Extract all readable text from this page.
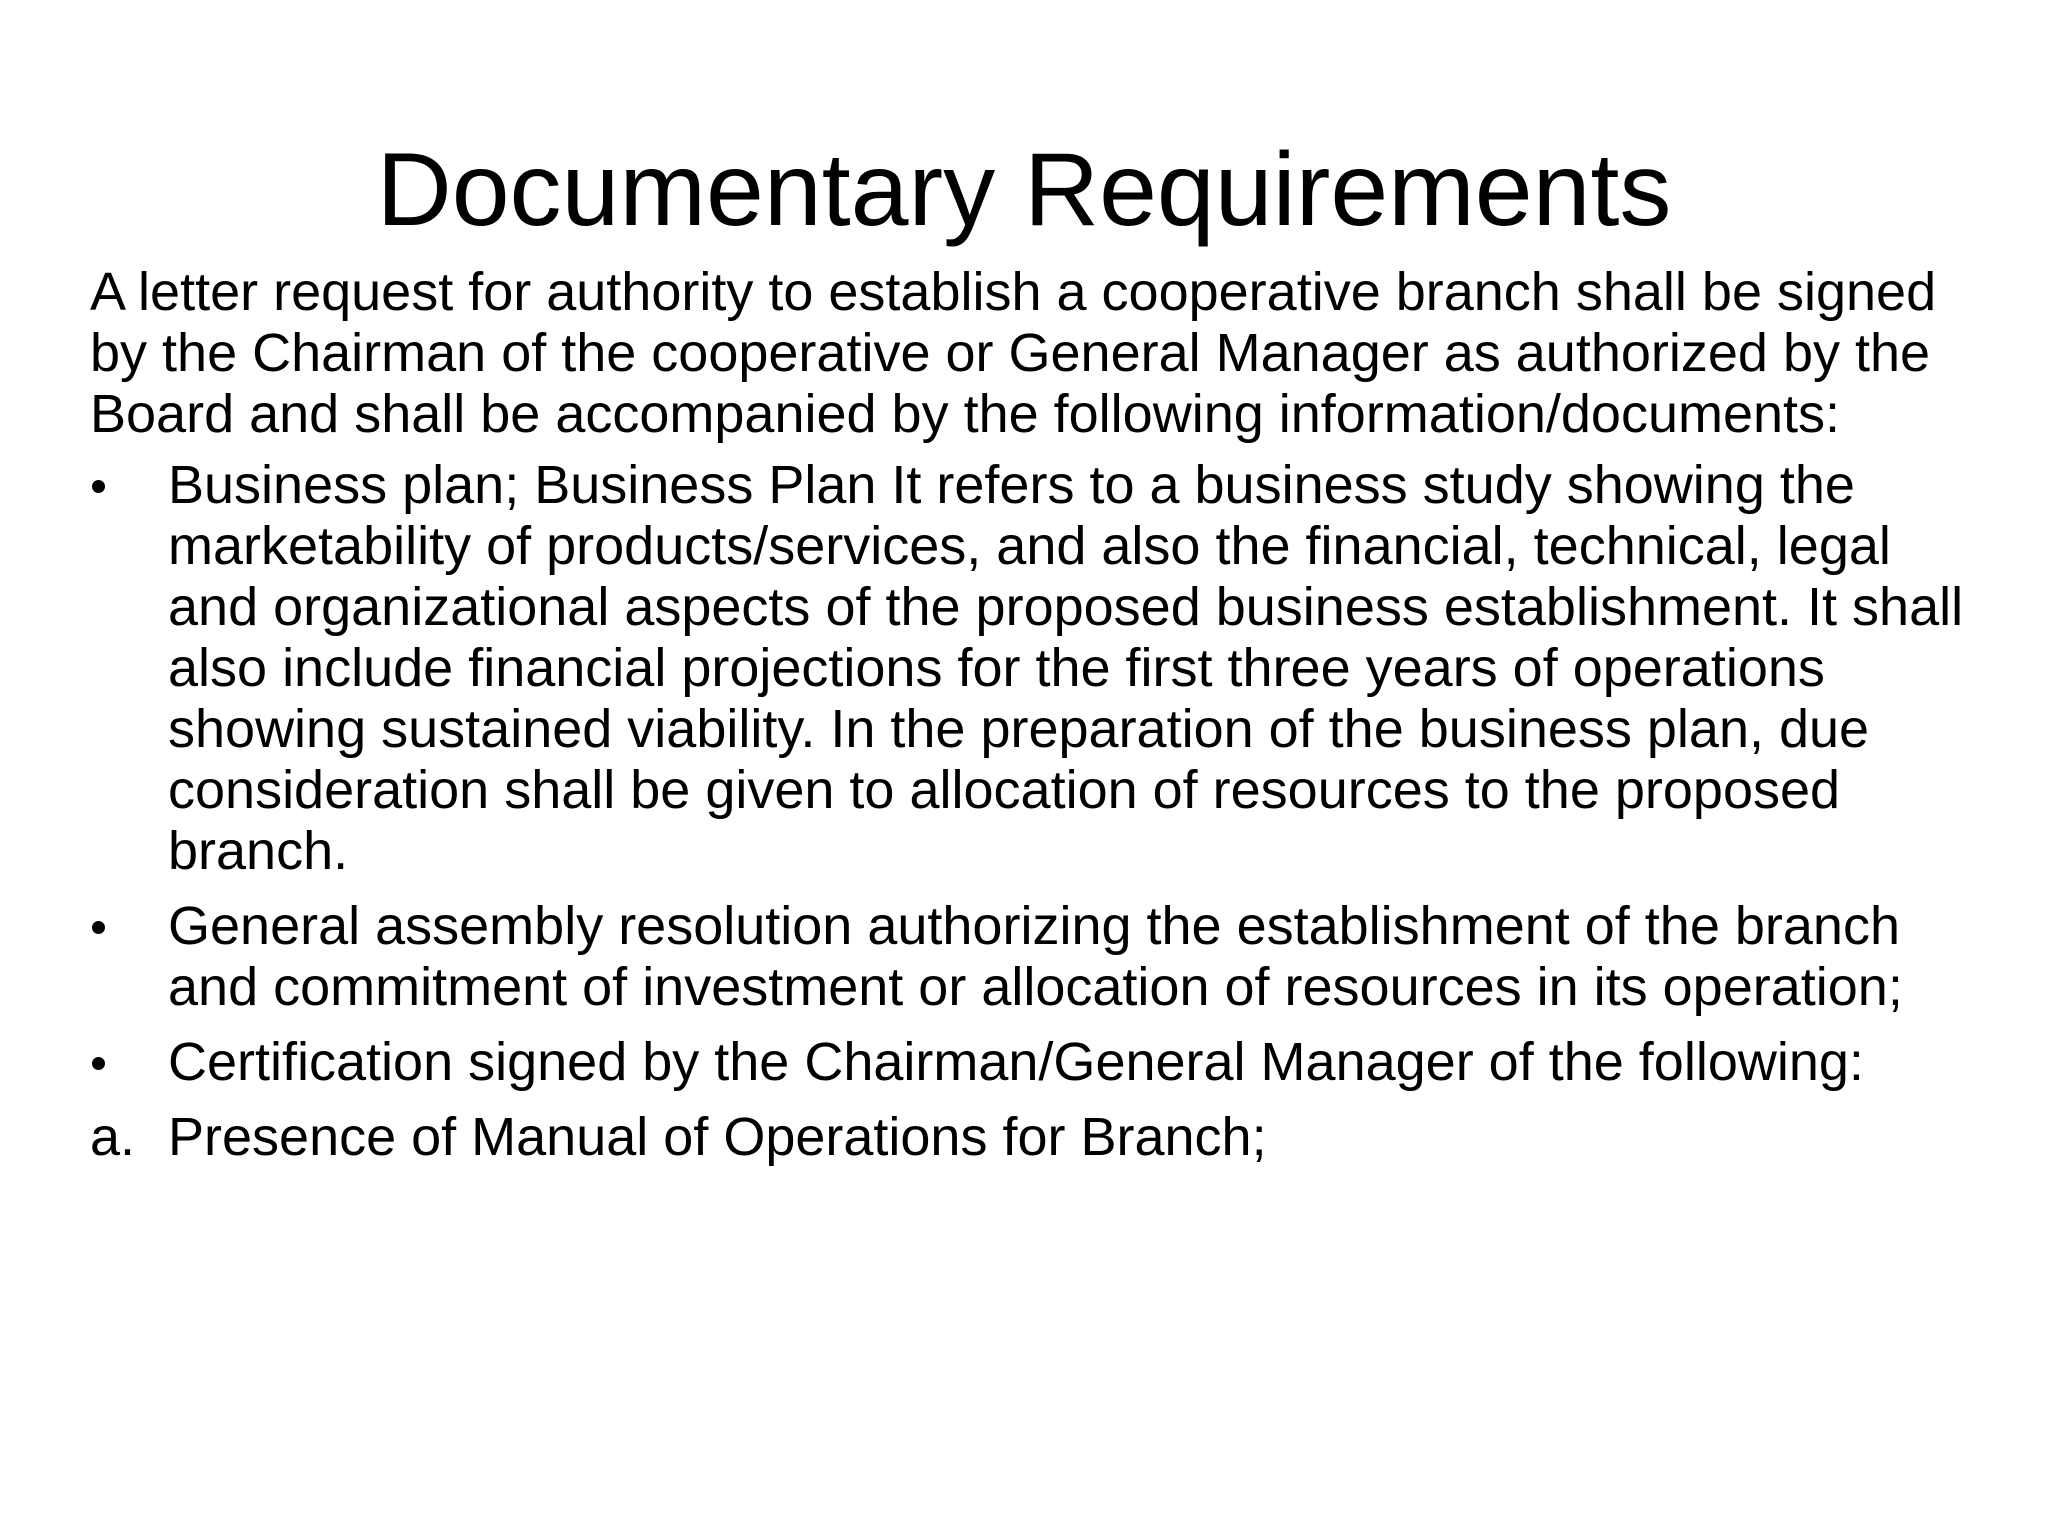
Documentary Requirements

A letter request for authority to establish a cooperative branch shall be signed by the Chairman of the cooperative or General Manager as authorized by the Board and shall be accompanied by the following information/documents:

Business plan; Business Plan It refers to a business study showing the marketability of products/services, and also the financial, technical, legal and organizational aspects of the proposed business establishment. It shall also include financial projections for the first three years of operations showing sustained viability. In the preparation of the business plan, due consideration shall be given to allocation of resources to the proposed branch.
General assembly resolution authorizing the establishment of the branch and commitment of investment or allocation of resources in its operation;
Certification signed by the Chairman/General Manager of the following:
a. Presence of Manual of Operations for Branch;
